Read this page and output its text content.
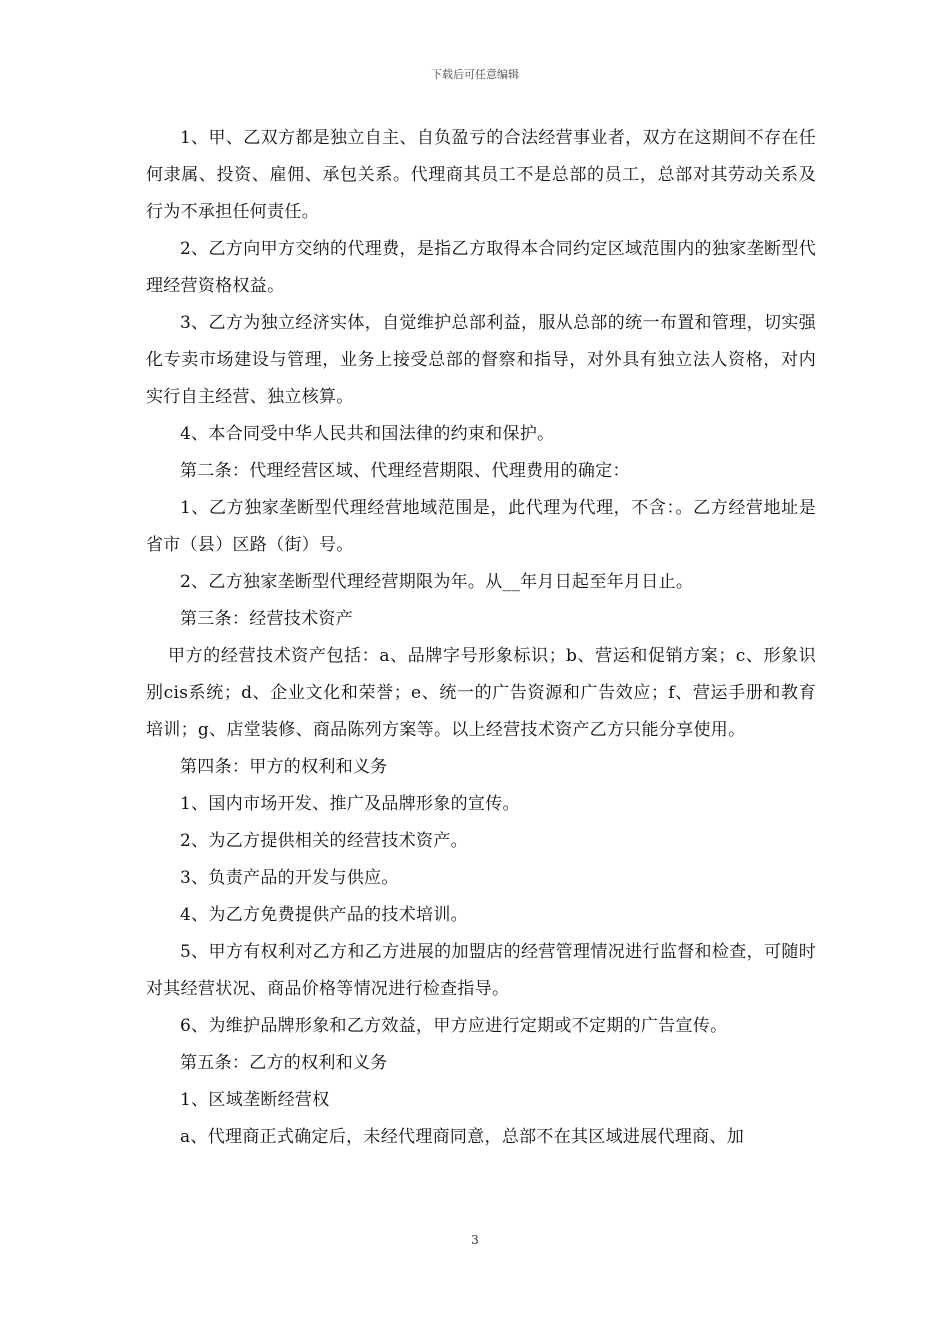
下载后可任意编辑

1、甲、乙双方都是独立自主、自负盈亏的合法经营事业者，双方在这期间不存在任何隶属、投资、雇佣、承包关系。代理商其员工不是总部的员工，总部对其劳动关系及行为不承担任何责任。

2、乙方向甲方交纳的代理费，是指乙方取得本合同约定区域范围内的独家垄断型代理经营资格权益。

3、乙方为独立经济实体，自觉维护总部利益，服从总部的统一布置和管理，切实强化专卖市场建设与管理，业务上接受总部的督察和指导，对外具有独立法人资格，对内实行自主经营、独立核算。

4、本合同受中华人民共和国法律的约束和保护。

第二条：代理经营区域、代理经营期限、代理费用的确定：

1、乙方独家垄断型代理经营地域范围是，此代理为代理，不含：。乙方经营地址是省市（县）区路（街）号。

2、乙方独家垄断型代理经营期限为年。从__年月日起至年月日止。

第三条：经营技术资产

甲方的经营技术资产包括：a、品牌字号形象标识；b、营运和促销方案；c、形象识别cis系统；d、企业文化和荣誉；e、统一的广告资源和广告效应；f、营运手册和教育培训；g、店堂装修、商品陈列方案等。以上经营技术资产乙方只能分享使用。

第四条：甲方的权利和义务

1、国内市场开发、推广及品牌形象的宣传。

2、为乙方提供相关的经营技术资产。

3、负责产品的开发与供应。

4、为乙方免费提供产品的技术培训。

5、甲方有权利对乙方和乙方进展的加盟店的经营管理情况进行监督和检查，可随时对其经营状况、商品价格等情况进行检查指导。

6、为维护品牌形象和乙方效益，甲方应进行定期或不定期的广告宣传。

第五条：乙方的权利和义务

1、区域垄断经营权

a、代理商正式确定后，未经代理商同意，总部不在其区域进展代理商、加

3
